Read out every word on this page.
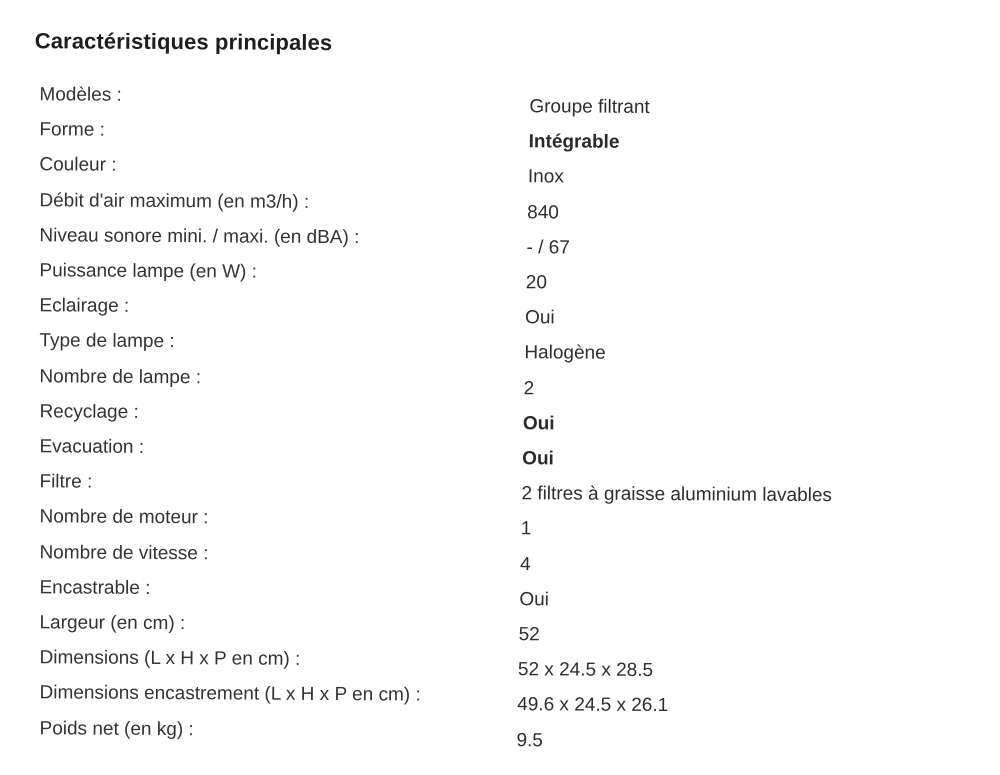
Caractéristiques principales
Modèles :
Groupe filtrant
Forme :
Intégrable
Couleur :
Inox
Débit d'air maximum (en m3/h) :	840
Niveau sonore mini. / maxi. (en dBA) :	- / 67
Puissance lampe (en W) :
20
Eclairage :
Oui
Type de lampe :
Halogène
Nombre de lampe :
2
Recyclage :
Oui
Evacuation :
Oui
Filtre :
2 filtres à graisse aluminium lavables
Nombre de moteur :
1
Nombre de vitesse :
4
Encastrable :
Oui
Largeur (en cm) :
52
Dimensions (L x H x P en cm) :
52 x 24.5 x 28.5
Dimensions encastrement (L x H x P en cm) :	49.6 x 24.5 x 26.1
Poids net (en kg) :
9.5
